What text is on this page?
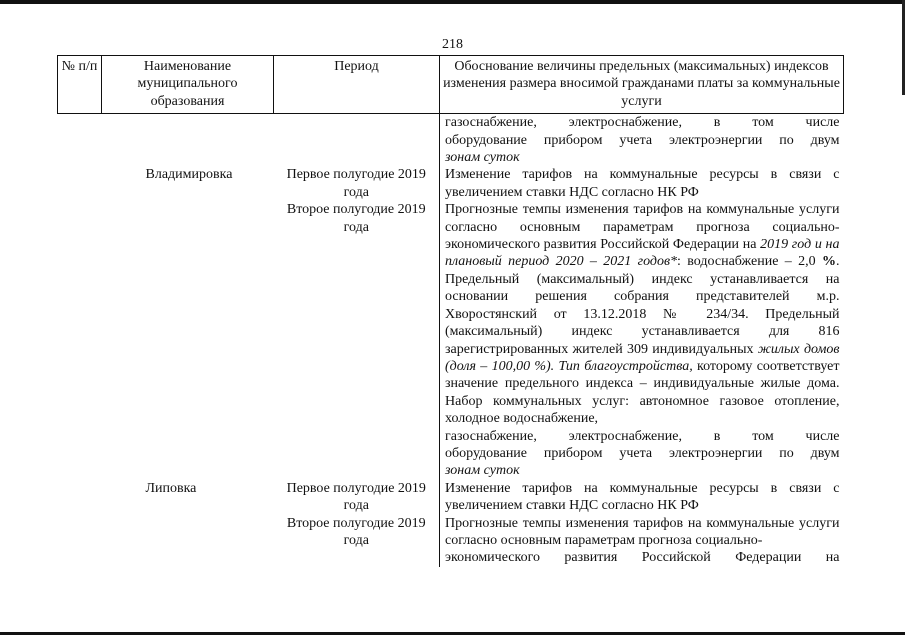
218
№ п/п	Наименование муниципального образования	Период	Обоснование величины предельных (максимальных) индексов изменения размера вносимой гражданами платы за коммунальные услуги

			газоснабжение, электроснабжение, в том числе
оборудование прибором учета электроэнергии по двум
зонам суток

	Владимировка	Первое полугодие 2019 года	Изменение тарифов на коммунальные ресурсы в связи с увеличением ставки НДС согласно НК РФ
		Второе полугодие 2019 года	Прогнозные темпы изменения тарифов на коммунальные услуги согласно основным параметрам прогноза социально-экономического развития Российской Федерации на 2019 год и на плановый период 2020 – 2021 годов*: водоснабжение – 2,0 %. Предельный (максимальный) индекс устанавливается на основании решения собрания представителей м.р. Хворостянский от 13.12.2018 № 234/34. Предельный (максимальный) индекс устанавливается для 816 зарегистрированных жителей 309 индивидуальных жилых домов (доля – 100,00 %). Тип благоустройства, которому соответствует значение предельного индекса – индивидуальные жилые дома. Набор коммунальных услуг: автономное газовое отопление, холодное водоснабжение,
газоснабжение, электроснабжение, в том числе
оборудование прибором учета электроэнергии по двум
зонам суток

	Липовка	Первое полугодие 2019 года	Изменение тарифов на коммунальные ресурсы в связи с увеличением ставки НДС согласно НК РФ
		Второе полугодие 2019 года	Прогнозные темпы изменения тарифов на коммунальные услуги согласно основным параметрам прогноза социально-
экономического развития Российской Федерации на
